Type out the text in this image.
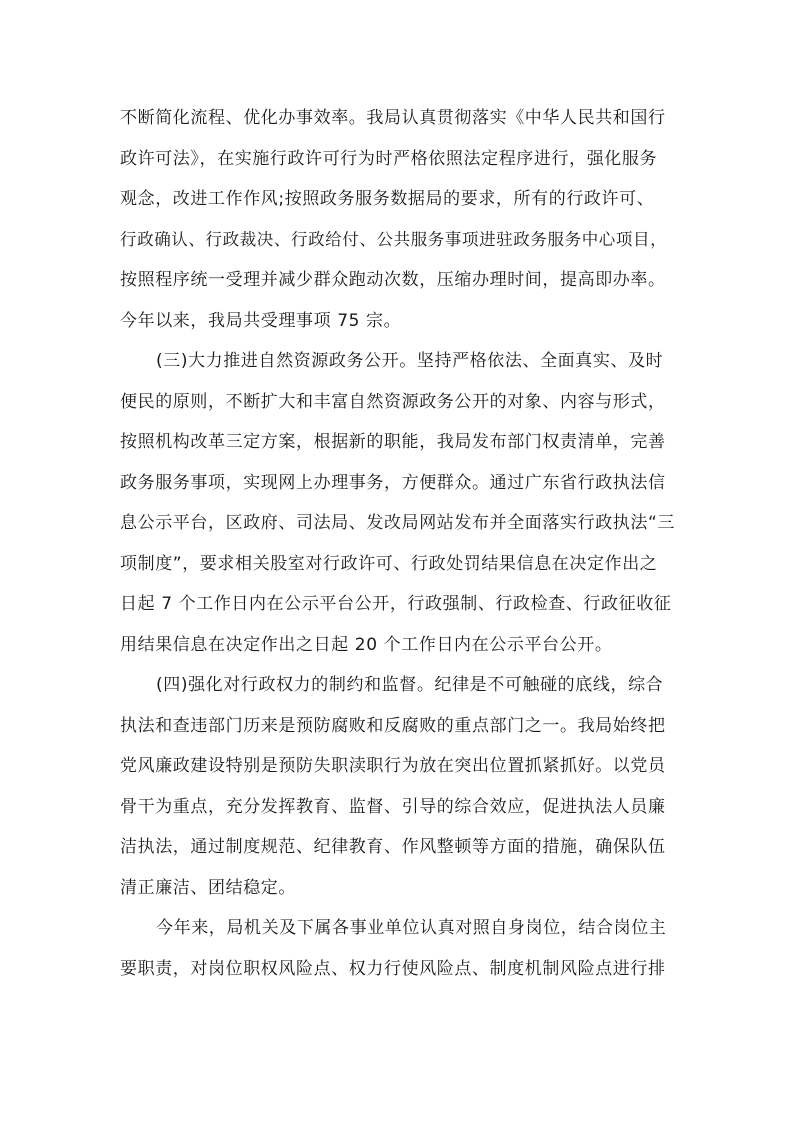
不断简化流程、优化办事效率。我局认真贯彻落实《中华人民共和国行
政许可法》，在实施行政许可行为时严格依照法定程序进行，强化服务
观念，改进工作作风;按照政务服务数据局的要求，所有的行政许可、
行政确认、行政裁决、行政给付、公共服务事项进驻政务服务中心项目，
按照程序统一受理并减少群众跑动次数，压缩办理时间，提高即办率。
今年以来，我局共受理事项 75 宗。

(三)大力推进自然资源政务公开。坚持严格依法、全面真实、及时
便民的原则，不断扩大和丰富自然资源政务公开的对象、内容与形式，
按照机构改革三定方案，根据新的职能，我局发布部门权责清单，完善
政务服务事项，实现网上办理事务，方便群众。通过广东省行政执法信
息公示平台，区政府、司法局、发改局网站发布并全面落实行政执法“三
项制度”，要求相关股室对行政许可、行政处罚结果信息在决定作出之
日起 7 个工作日内在公示平台公开，行政强制、行政检查、行政征收征
用结果信息在决定作出之日起 20 个工作日内在公示平台公开。

(四)强化对行政权力的制约和监督。纪律是不可触碰的底线，综合
执法和查违部门历来是预防腐败和反腐败的重点部门之一。我局始终把
党风廉政建设特别是预防失职渎职行为放在突出位置抓紧抓好。以党员
骨干为重点，充分发挥教育、监督、引导的综合效应，促进执法人员廉
洁执法，通过制度规范、纪律教育、作风整顿等方面的措施，确保队伍
清正廉洁、团结稳定。

今年来，局机关及下属各事业单位认真对照自身岗位，结合岗位主
要职责，对岗位职权风险点、权力行使风险点、制度机制风险点进行排
